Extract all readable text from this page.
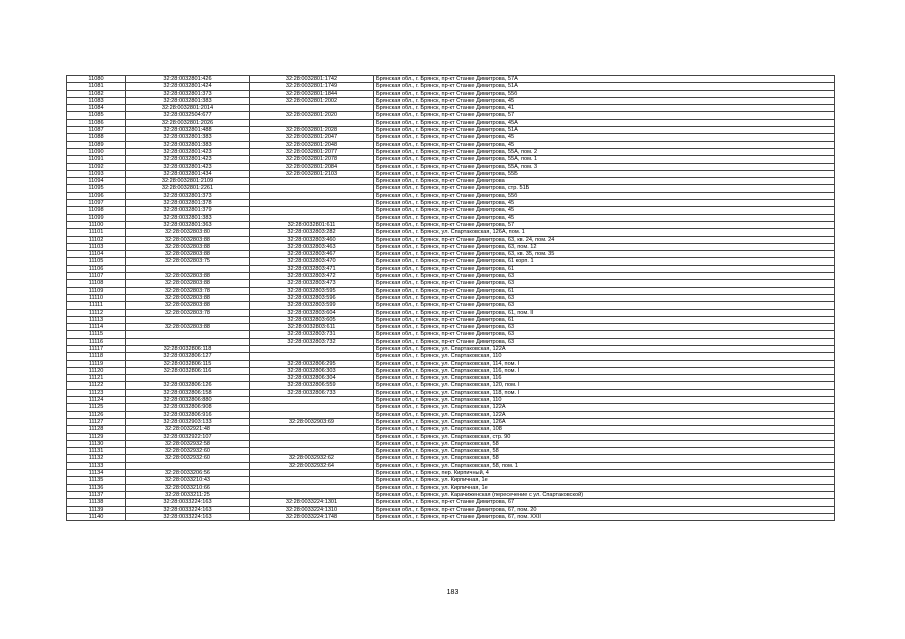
11080	32:28:0032801:426	32:28:0032801:1742	Брянская обл., г. Брянск, пр-кт Станке Димитрова, 57А
11081	32:28:0032801:424	32:28:0032801:1749	Брянская обл., г. Брянск, пр-кт Станке Димитрова, 51А
11082	32:28:0032801:373	32:28:0032801:1844	Брянская обл., г. Брянск, пр-кт Станке Димитрова, 55б
11083	32:28:0032801:383	32:28:0032801:2002	Брянская обл., г. Брянск, пр-кт Станке Димитрова, 45
11084	32:28:0032801:2014		Брянская обл., г. Брянск, пр-кт Станке Димитрова, 41
11085	32:28:0032504:677	32:28:0032801:2020	Брянская обл., г. Брянск, пр-кт Станке Димитрова, 57
11086	32:28:0032801:2026		Брянская обл., г. Брянск, пр-кт Станке Димитрова, 45А
11087	32:28:0032801:488	32:28:0032801:2028	Брянская обл., г. Брянск, пр-кт Станке Димитрова, 51А
11088	32:28:0032801:383	32:28:0032801:2047	Брянская обл., г. Брянск, пр-кт Станке Димитрова, 45
11089	32:28:0032801:383	32:28:0032801:2048	Брянская обл., г. Брянск, пр-кт Станке Димитрова, 45
11090	32:28:0032801:423	32:28:0032801:2077	Брянская обл., г. Брянск, пр-кт Станке Димитрова, 55А, пом. 2
11091	32:28:0032801:423	32:28:0032801:2078	Брянская обл., г. Брянск, пр-кт Станке Димитрова, 55А, пом. 1
11092	32:28:0032801:423	32:28:0032801:2084	Брянская обл., г. Брянск, пр-кт Станке Димитрова, 55А, пом. 3
11093	32:28:0032801:434	32:28:0032801:2103	Брянская обл., г. Брянск, пр-кт Станке Димитрова, 55Б
11094	32:28:0032801:2109		Брянская обл., г. Брянск, пр-кт Станке Димитрова
11095	32:28:0032801:2261		Брянская обл., г. Брянск, пр-кт Станке Димитрова, стр. 51Б
11096	32:28:0032801:373		Брянская обл., г. Брянск, пр-кт Станке Димитрова, 55б
11097	32:28:0032801:378		Брянская обл., г. Брянск, пр-кт Станке Димитрова, 45
11098	32:28:0032801:379		Брянская обл., г. Брянск, пр-кт Станке Димитрова, 45
11099	32:28:0032801:383		Брянская обл., г. Брянск, пр-кт Станке Димитрова, 45
11100	32:28:0032801:363	32:28:0032801:611	Брянская обл., г. Брянск, пр-кт Станке Димитрова, 57
11101	32:28:0032803:80	32:28:0032803:282	Брянская обл., г. Брянск, ул. Спартаковская, 126А, пом. 1
11102	32:28:0032803:88	32:28:0032803:460	Брянская обл., г. Брянск, пр-кт Станке Димитрова, 63, кв. 24, пом. 24
11103	32:28:0032803:88	32:28:0032803:463	Брянская обл., г. Брянск, пр-кт Станке Димитрова, 63, пом. 12
11104	32:28:0032803:88	32:28:0032803:467	Брянская обл., г. Брянск, пр-кт Станке Димитрова, 63, кв. 35, пом. 35
11105	32:28:0032803:75	32:28:0032803:470	Брянская обл., г. Брянск, пр-кт Станке Димитрова, 61 корп. 1
11106		32:28:0032803:471	Брянская обл., г. Брянск, пр-кт Станке Димитрова, 61
11107	32:28:0032803:88	32:28:0032803:472	Брянская обл., г. Брянск, пр-кт Станке Димитрова, 63
11108	32:28:0032803:88	32:28:0032803:473	Брянская обл., г. Брянск, пр-кт Станке Димитрова, 63
11109	32:28:0032803:78	32:28:0032803:595	Брянская обл., г. Брянск, пр-кт Станке Димитрова, 61
11110	32:28:0032803:88	32:28:0032803:596	Брянская обл., г. Брянск, пр-кт Станке Димитрова, 63
11111	32:28:0032803:88	32:28:0032803:599	Брянская обл., г. Брянск, пр-кт Станке Димитрова, 63
11112	32:28:0032803:78	32:28:0032803:604	Брянская обл., г. Брянск, пр-кт Станке Димитрова, 61, пом. II
11113		32:28:0032803:605	Брянская обл., г. Брянск, пр-кт Станке Димитрова, 61
11114	32:28:0032803:88	32:28:0032803:611	Брянская обл., г. Брянск, пр-кт Станке Димитрова, 63
11115		32:28:0032803:731	Брянская обл., г. Брянск, пр-кт Станке Димитрова, 63
11116		32:28:0032803:732	Брянская обл., г. Брянск, пр-кт Станке Димитрова, 63
11117	32:28:0032806:118		Брянская обл., г. Брянск, ул. Спартаковская, 122А
11118	32:28:0032806:127		Брянская обл., г. Брянск, ул. Спартаковская, 110
11119	32:28:0032806:115	32:28:0032806:295	Брянская обл., г. Брянск, ул. Спартаковская, 114, пом. I
11120	32:28:0032806:116	32:28:0032806:303	Брянская обл., г. Брянск, ул. Спартаковская, 116, пом. I
11121		32:28:0032806:304	Брянская обл., г. Брянск, ул. Спартаковская, 116
11122	32:28:0032806:126	32:28:0032806:559	Брянская обл., г. Брянск, ул. Спартаковская, 120, пом. I
11123	32:28:0032806:158	32:28:0032806:733	Брянская обл., г. Брянск, ул. Спартаковская, 118, пом. I
11124	32:28:0032806:880		Брянская обл., г. Брянск, ул. Спартаковская, 110
11125	32:28:0032806:908		Брянская обл., г. Брянск, ул. Спартаковская, 122А
11126	32:28:0032806:916		Брянская обл., г. Брянск, ул. Спартаковская, 122А
11127	32:28:0032903:133	32:28:0032903:69	Брянская обл., г. Брянск, ул. Спартаковская, 126А
11128	32:28:0032921:48		Брянская обл., г. Брянск, ул. Спартаковская, 108
11129	32:28:0032922:107		Брянская обл., г. Брянск, ул. Спартаковская, стр. 90
11130	32:28:0032932:58		Брянская обл., г. Брянск, ул. Спартаковская, 58
11131	32:28:0032932:60		Брянская обл., г. Брянск, ул. Спартаковская, 58
11132	32:28:0032932:60	32:28:0032932:62	Брянская обл., г. Брянск, ул. Спартаковская, 58
11133		32:28:0032932:64	Брянская обл., г. Брянск, ул. Спартаковская, 58, пом. 1
11134	32:28:0033206:56		Брянская обл., г. Брянск, пер. Кирпичный, 4
11135	32:28:0033210:43		Брянская обл., г. Брянск, ул. Кирпичная, 1е
11136	32:28:0033210:66		Брянская обл., г. Брянск, ул. Кирпичная, 1е
11137	32:28:0033211:25		Брянская обл., г. Брянск, ул. Карачиженская (пересечение с ул. Спартаковской)
11138	32:28:0033224:163	32:28:0033224:1301	Брянская обл., г. Брянск, пр-кт Станке Димитрова, 67
11139	32:28:0033224:163	32:28:0033224:1310	Брянская обл., г. Брянск, пр-кт Станке Димитрова, 67, пом. 20
11140	32:28:0033224:163	32:28:0033224:1748	Брянская обл., г. Брянск, пр-кт Станке Димитрова, 67, пом. XXII
183
